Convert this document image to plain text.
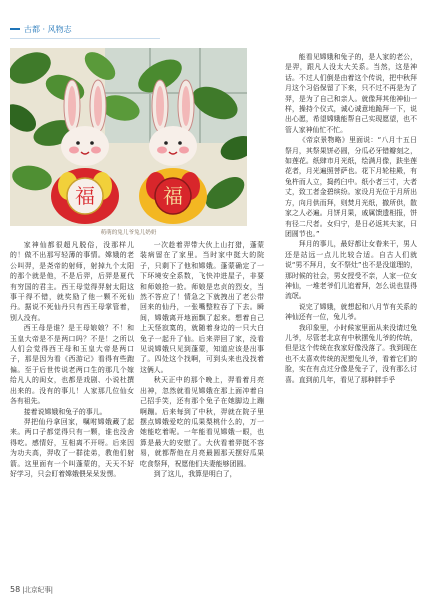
古都 · 风物志
福	福
萌萌的兔儿爷兔儿奶奶

家神仙都很超凡脱俗，没那样儿的！做不出那写轻薄的事情。嫦娥的老公叫羿，是尧帝的射师，射掉九个太阳的那个就是他，不是后羿，后羿是夏代有穷国的君主。西王母觉得羿射太阳这事干得不错，就奖励了他一颗不死仙丹。据说不死仙丹只有西王母掌管着，别人没有。

西王母是谁？是王母娘娘？不！和玉皇大帝是不是两口吗？不是！之所以人们会觉得西王母和玉皇大帝是两口子，那是因为看《西游记》看得有些跑偏。至于后世传说老两口生的那几个嫁给凡人的闺女，也都是戏剧、小说杜撰出来的。没有的事儿！人家那几位仙女各有祖先。

接着说嫦娥和兔子的事儿。

羿把仙丹拿回家，嘱咐嫦娥藏了起来。两口子都觉得只有一颗，谁也没舍得吃。感情好，互相离不开呀。后来因为功夫高，羿收了一群徒弟，教他们射箭。这里面有一个叫蓬蒙的，天天不好好学习，只会盯着嫦娥偎呆呆发愣。

一次趁着羿带大伙上山打猎，蓬蒙装病留在了家里。当时家中挺大的院子，只剩下了他和嫦娥。蓬蒙确定了一下环境安全系数，飞快冲进屋子，非要和师娘抢一抢。师娘是忠贞的烈女，当然不答应了！情急之下就拽出了老公带回来的仙丹，一张嘴整粒吞了下去。瞬间，嫦娥离开地面飘了起来。想着自己上天怪寂寞的，就随着身边的一只大白兔子一起升了仙。后来羿回了家，没看见说嫦娥只见到蓬蒙，知道应该是出事了。四处这个找啊，可到头来也没找着这俩人。

秋天正中的那个晚上，羿看着月亮出神，忽然就看见嫦娥在那上面冲着自己招手笑，还有那个兔子在她脚边上蹦啊蹦。后来每到了中秋，羿就在院子里摆点嫦娥爱吃的瓜果梨桃什么的，万一她能吃着呢。一年能看见嫦娥一眼，也算是最大的安慰了。大伙看着羿挺不容易，就都帮他在月亮最圆那天摆好瓜果吃食祭拜，祝愿他们夫妻能够团圆。

到了这儿，我算是明白了，

能看见嫦娥和兔子的，是人家的老公，是羿，跟凡人没太大关系。当然，这是神话。不过人们倒是由着这个传说，把中秋拜月这个习俗保留了下来，只不过不再是为了羿，是为了自己和亲人。就像拜其他神仙一样，操持个仪式，诚心诚意地跪拜一下，说出心愿，希望嫦娥能帮自己实现愿望，也不管人家神仙忙不忙。

《帝京景物略》里面说：“八月十五日祭月，其祭果饼必圆，分瓜必牙错瓣刻之，如莲花。纸肆市月光纸，绘满月像，趺坐莲花者，月光遍照菩萨也。花下月轮桂殿，有兔杵而人立，捣药臼中。纸小者三寸，大者丈，致工者金碧缤纷。家设月光位于月所出方，向月供而拜，则焚月光纸，撤所供，散家之人必遍。月饼月果，戚属馈遗相报，饼有径二尺者。女归宁，是日必返其夫家，曰团圆节也。”

拜月的事儿，最好都让女眷来干，男人还是站远一点儿比较合适。自古人们就说“男不拜月，女不祭灶”也不是没道理的，那时候的社会，男女授受不亲，人家一位女神仙，一堆老爷们儿追着拜，怎么说也显得流氓。

说完了嫦娥，就想起和八月节有关系的神仙还有一位，兔儿爷。

我印象里，小时候家里面从来没请过兔儿爷，尽管老北京有中秋摆兔儿爷的传统，但是这个传统在我家好像没落了。我到现在也不太喜欢传统的泥塑兔儿爷，看着它们的脸，实在有点过分像是兔子了，没有那么讨喜。直到前几年，看见了那种胖手乎

58 |北京纪事|
